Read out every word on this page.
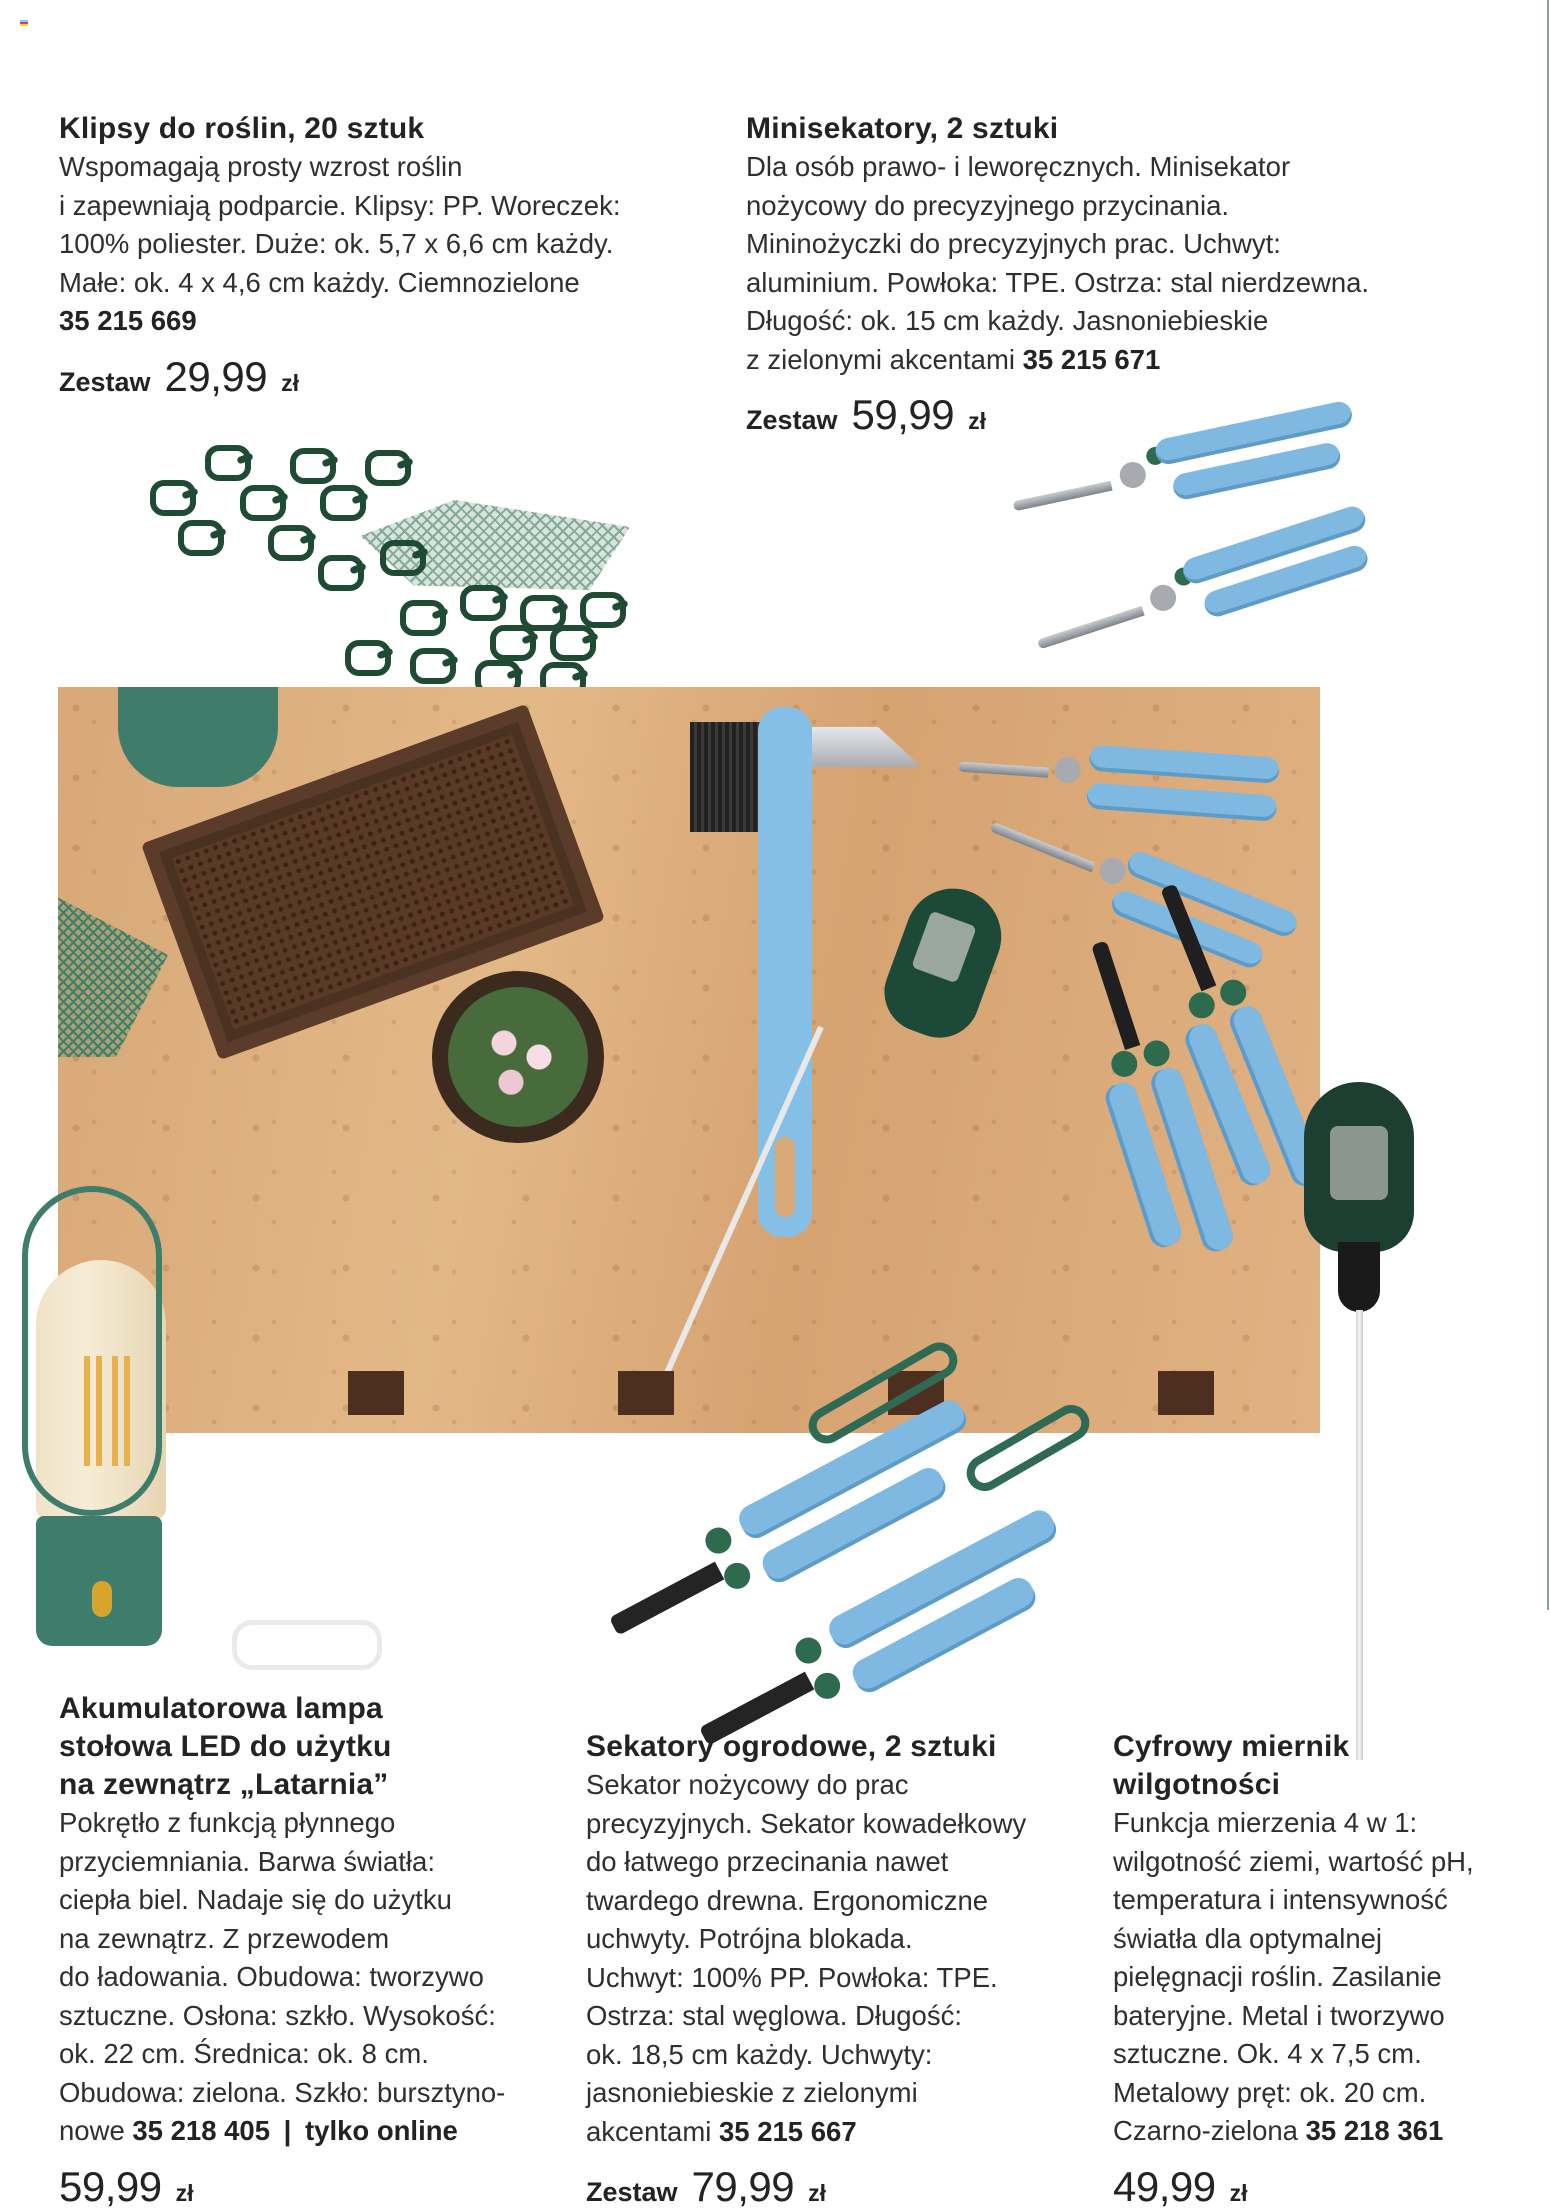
Klipsy do roślin, 20 sztuk
Wspomagają prosty wzrost roślin
i zapewniają podparcie. Klipsy: PP. Woreczek:
100% poliester. Duże: ok. 5,7 x 6,6 cm każdy.
Małe: ok. 4 x 4,6 cm każdy. Ciemnozielone
35 215 669
Zestaw 29,99 zł
Minisekatory, 2 sztuki
Dla osób prawo- i leworęcznych. Minisekator
nożycowy do precyzyjnego przycinania.
Mininożyczki do precyzyjnych prac. Uchwyt:
aluminium. Powłoka: TPE. Ostrza: stal nierdzewna.
Długość: ok. 15 cm każdy. Jasnoniebieskie
z zielonymi akcentami 35 215 671
Zestaw 59,99 zł
Akumulatorowa lampa
stołowa LED do użytku
na zewnątrz „Latarnia”
Pokrętło z funkcją płynnego
przyciemniania. Barwa światła:
ciepła biel. Nadaje się do użytku
na zewnątrz. Z przewodem
do ładowania. Obudowa: tworzywo
sztuczne. Osłona: szkło. Wysokość:
ok. 22 cm. Średnica: ok. 8 cm.
Obudowa: zielona. Szkło: bursztyno-
nowe 35 218 405 | tylko online
59,99 zł
Sekatory ogrodowe, 2 sztuki
Sekator nożycowy do prac
precyzyjnych. Sekator kowadełkowy
do łatwego przecinania nawet
twardego drewna. Ergonomiczne
uchwyty. Potrójna blokada.
Uchwyt: 100% PP. Powłoka: TPE.
Ostrza: stal węglowa. Długość:
ok. 18,5 cm każdy. Uchwyty:
jasnoniebieskie z zielonymi
akcentami 35 215 667
Zestaw 79,99 zł
Cyfrowy miernik
wilgotności
Funkcja mierzenia 4 w 1:
wilgotność ziemi, wartość pH,
temperatura i intensywność
światła dla optymalnej
pielęgnacji roślin. Zasilanie
bateryjne. Metal i tworzywo
sztuczne. Ok. 4 x 7,5 cm.
Metalowy pręt: ok. 20 cm.
Czarno-zielona 35 218 361
49,99 zł
